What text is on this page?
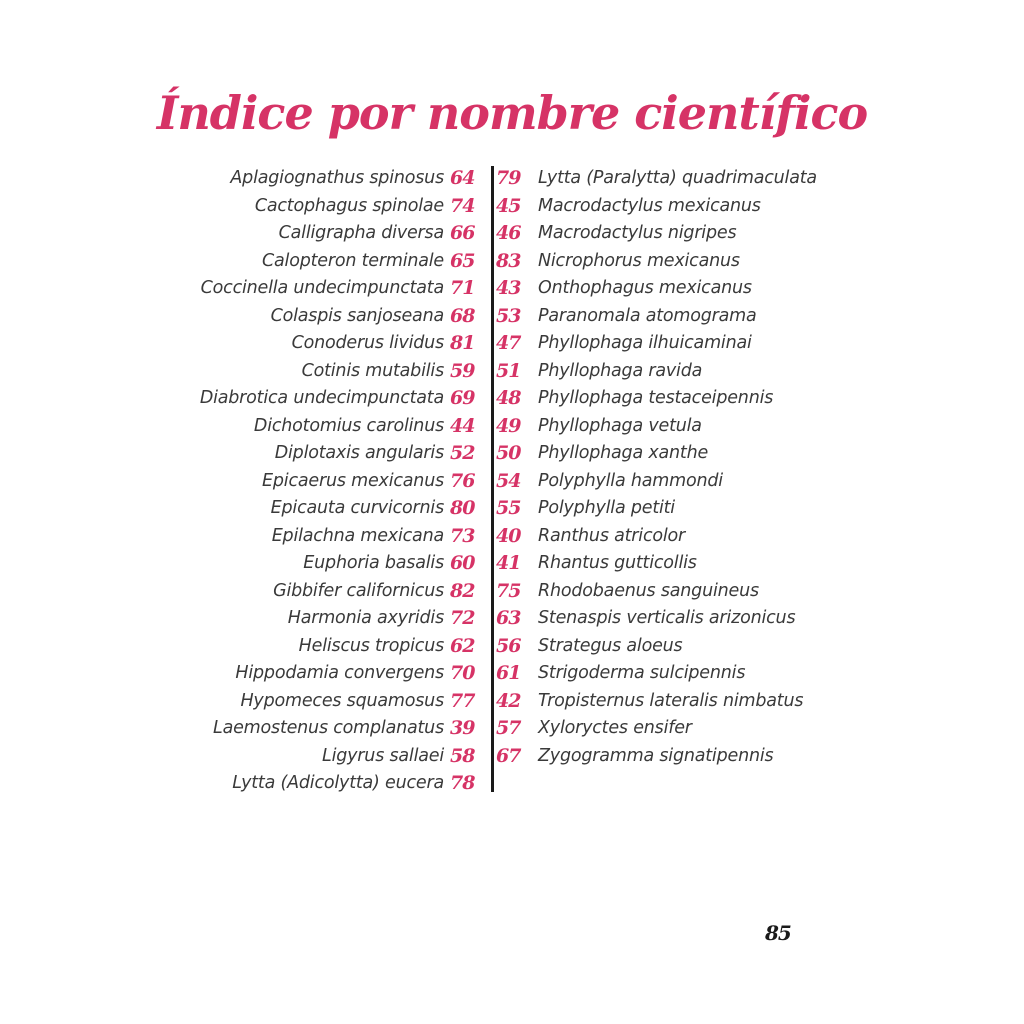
Índice por nombre científico
Aplagiognathus spinosus 64
Cactophagus spinolae 74
Calligrapha diversa 66
Calopteron terminale 65
Coccinella undecimpunctata 71
Colaspis sanjoseana 68
Conoderus lividus 81
Cotinis mutabilis 59
Diabrotica undecimpunctata 69
Dichotomius carolinus 44
Diplotaxis angularis 52
Epicaerus mexicanus 76
Epicauta curvicornis 80
Epilachna mexicana 73
Euphoria basalis 60
Gibbifer californicus 82
Harmonia axyridis 72
Heliscus tropicus 62
Hippodamia convergens 70
Hypomeces squamosus 77
Laemostenus complanatus 39
Ligyrus sallaei 58
Lytta (Adicolytta) eucera 78
79	Lytta (Paralytta) quadrimaculata
45	Macrodactylus mexicanus
46	Macrodactylus nigripes
83	Nicrophorus mexicanus
43	Onthophagus mexicanus
53	Paranomala atomograma
47	Phyllophaga ilhuicaminai
51	Phyllophaga ravida
48	Phyllophaga testaceipennis
49	Phyllophaga vetula
50	Phyllophaga xanthe
54	Polyphylla hammondi
55	Polyphylla petiti
40	Ranthus atricolor
41	Rhantus gutticollis
75	Rhodobaenus sanguineus
63	Stenaspis verticalis arizonicus
56	Strategus aloeus
61	Strigoderma sulcipennis
42	Tropisternus lateralis nimbatus
57	Xyloryctes ensifer
67	Zygogramma signatipennis
85
